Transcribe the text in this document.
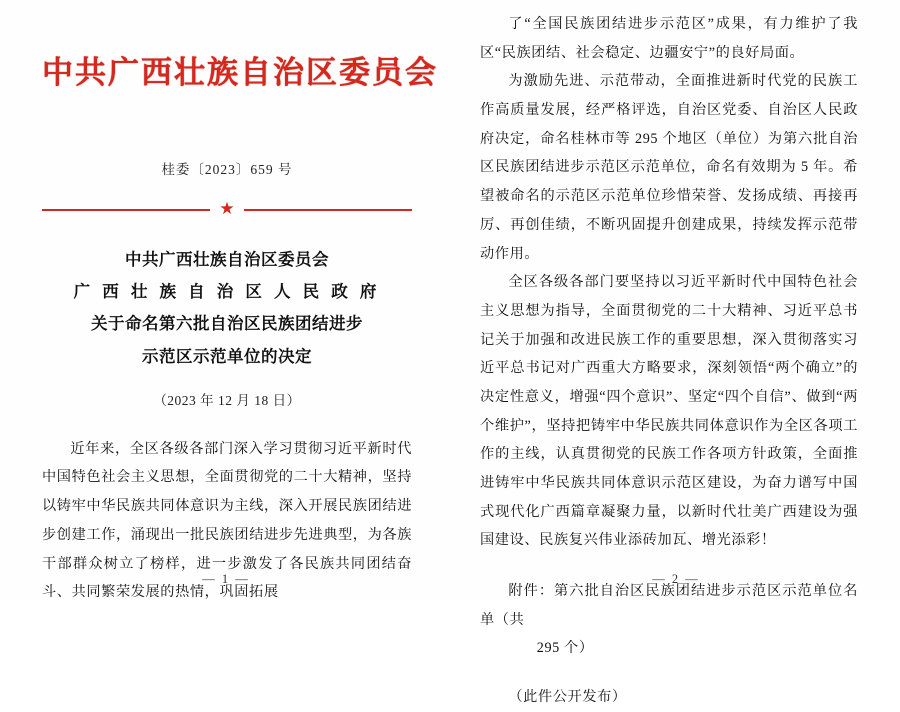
中共广西壮族自治区委员会
桂委〔2023〕659 号
★
中共广西壮族自治区委员会
广 西 壮 族 自 治 区 人 民 政 府
关于命名第六批自治区民族团结进步
示范区示范单位的决定
（2023 年 12 月 18 日）

近年来，全区各级各部门深入学习贯彻习近平新时代中国特色社会主义思想，全面贯彻党的二十大精神，坚持以铸牢中华民族共同体意识为主线，深入开展民族团结进步创建工作，涌现出一批民族团结进步先进典型，为各族干部群众树立了榜样，进一步激发了各民族共同团结奋斗、共同繁荣发展的热情，巩固拓展

— 1 —

了“全国民族团结进步示范区”成果，有力维护了我区“民族团结、社会稳定、边疆安宁”的良好局面。

为激励先进、示范带动，全面推进新时代党的民族工作高质量发展，经严格评选，自治区党委、自治区人民政府决定，命名桂林市等 295 个地区（单位）为第六批自治区民族团结进步示范区示范单位，命名有效期为 5 年。希望被命名的示范区示范单位珍惜荣誉、发扬成绩、再接再厉、再创佳绩，不断巩固提升创建成果，持续发挥示范带动作用。

全区各级各部门要坚持以习近平新时代中国特色社会主义思想为指导，全面贯彻党的二十大精神、习近平总书记关于加强和改进民族工作的重要思想，深入贯彻落实习近平总书记对广西重大方略要求，深刻领悟“两个确立”的决定性意义，增强“四个意识”、坚定“四个自信”、做到“两个维护”，坚持把铸牢中华民族共同体意识作为全区各项工作的主线，认真贯彻党的民族工作各项方针政策，全面推进铸牢中华民族共同体意识示范区建设，为奋力谱写中国式现代化广西篇章凝聚力量，以新时代壮美广西建设为强国建设、民族复兴伟业添砖加瓦、增光添彩！

附件：第六批自治区民族团结进步示范区示范单位名单（共

295 个）

（此件公开发布）

— 2 —
